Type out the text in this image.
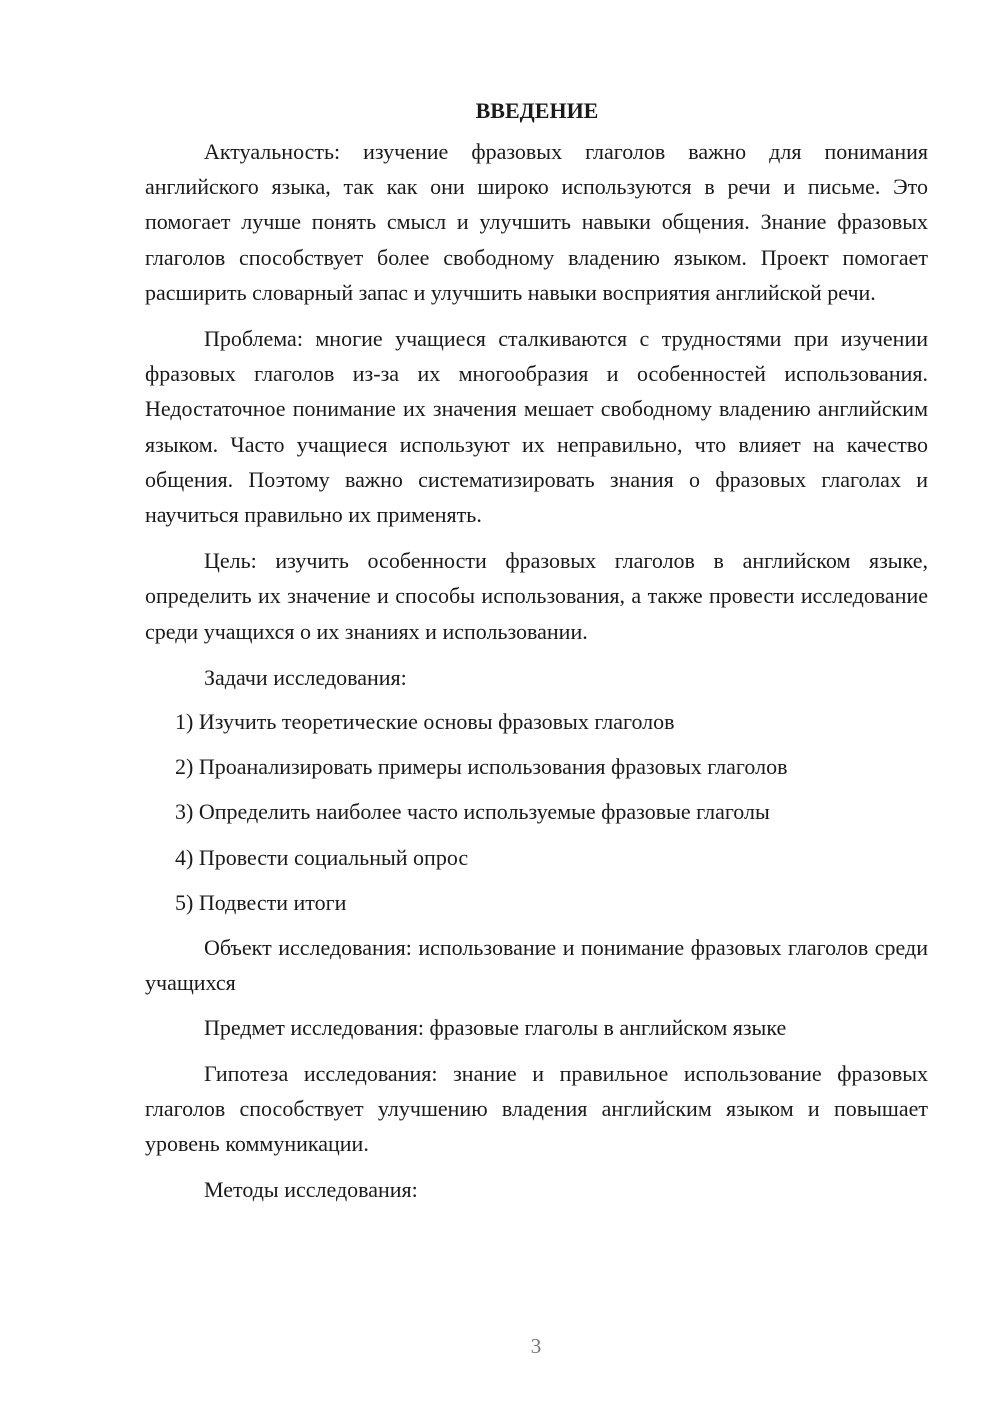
ВВЕДЕНИЕ

Актуальность: изучение фразовых глаголов важно для понимания английского языка, так как они широко используются в речи и письме. Это помогает лучше понять смысл и улучшить навыки общения. Знание фразовых глаголов способствует более свободному владению языком. Проект помогает расширить словарный запас и улучшить навыки восприятия английской речи.

Проблема: многие учащиеся сталкиваются с трудностями при изучении фразовых глаголов из-за их многообразия и особенностей использования. Недостаточное понимание их значения мешает свободному владению английским языком. Часто учащиеся используют их неправильно, что влияет на качество общения. Поэтому важно систематизировать знания о фразовых глаголах и научиться правильно их применять.

Цель: изучить особенности фразовых глаголов в английском языке, определить их значение и способы использования, а также провести исследование среди учащихся о их знаниях и использовании.

Задачи исследования:

1) Изучить теоретические основы фразовых глаголов
2) Проанализировать примеры использования фразовых глаголов
3) Определить наиболее часто используемые фразовые глаголы
4) Провести социальный опрос
5) Подвести итоги

Объект исследования: использование и понимание фразовых глаголов среди учащихся

Предмет исследования: фразовые глаголы в английском языке

Гипотеза исследования: знание и правильное использование фразовых глаголов способствует улучшению владения английским языком и повышает уровень коммуникации.

Методы исследования:

3
